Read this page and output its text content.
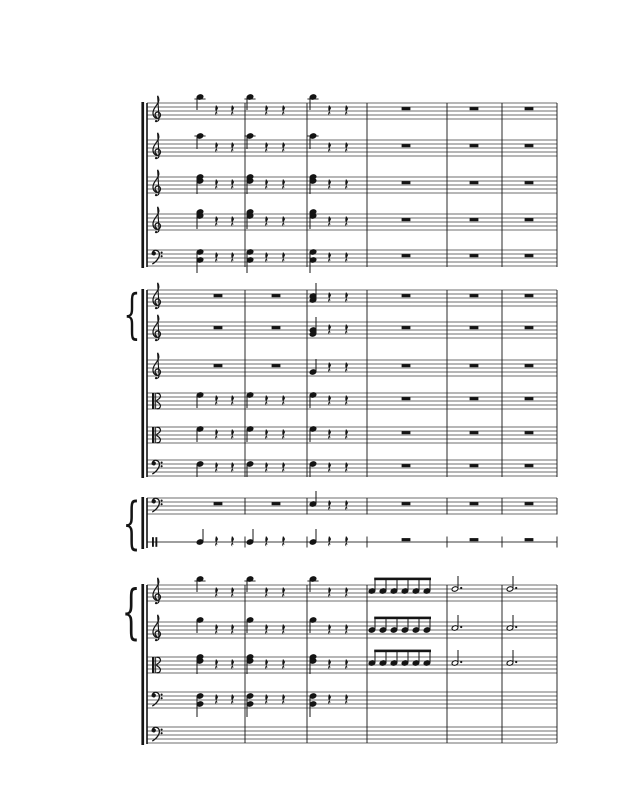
{
{
{
